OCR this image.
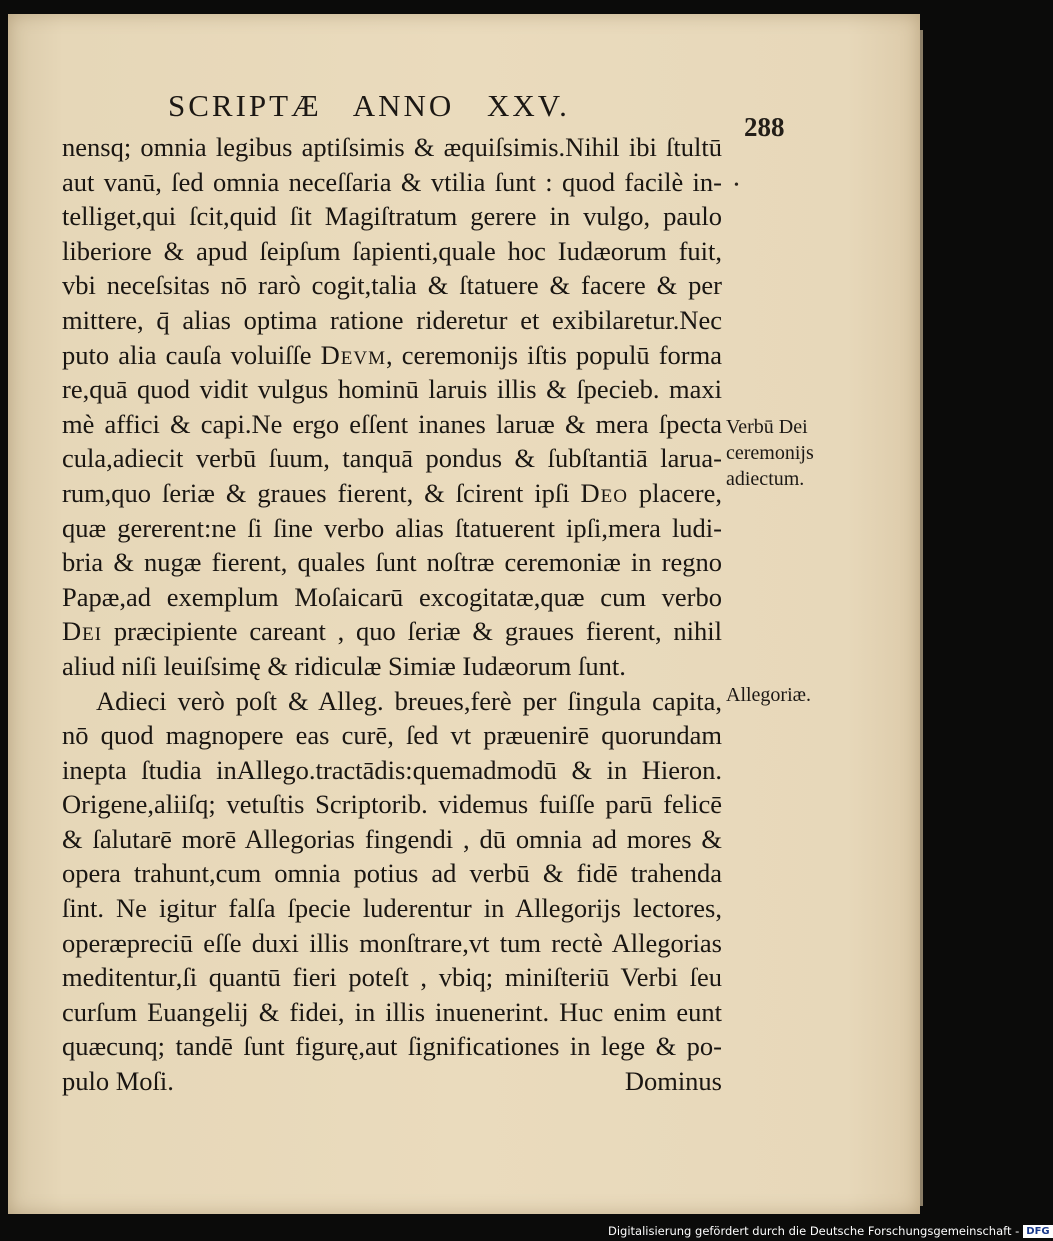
SCRIPTÆ ANNO XXV.
288
•
nensq; omnia legibus aptiſsimis & æquiſsimis.Nihil ibi ſtultū
aut vanū, ſed omnia neceſſaria & vtilia ſunt : quod facilè in-
telliget,qui ſcit,quid ſit Magiſtratum gerere in vulgo, paulo
liberiore & apud ſeipſum ſapienti,quale hoc Iudæorum fuit,
vbi neceſsitas nō rarò cogit,talia & ſtatuere & facere & per
mittere, q̄ alias optima ratione rideretur et exibilaretur.Nec
puto alia cauſa voluiſſe Devm, ceremonijs iſtis populū forma
re,quā quod vidit vulgus hominū laruis illis & ſpecieb. maxi
mè affici & capi.Ne ergo eſſent inanes laruæ & mera ſpecta
cula,adiecit verbū ſuum, tanquā pondus & ſubſtantiā larua-
rum,quo ſeriæ & graues fierent, & ſcirent ipſi Deo placere,
quæ gererent:ne ſi ſine verbo alias ſtatuerent ipſi,mera ludi-
bria & nugæ fierent, quales ſunt noſtræ ceremoniæ in regno
Papæ,ad exemplum Moſaicarū excogitatæ,quæ cum verbo
Dei præcipiente careant , quo ſeriæ & graues fierent, nihil
aliud niſi leuiſsimę & ridiculæ Simiæ Iudæorum ſunt.
Adieci verò poſt & Alleg. breues,ferè per ſingula capita,
nō quod magnopere eas curē, ſed vt præuenirē quorundam
inepta ſtudia inAllego.tractādis:quemadmodū & in Hieron.
Origene,aliiſq; vetuſtis Scriptorib. videmus fuiſſe parū felicē
& ſalutarē morē Allegorias fingendi , dū omnia ad mores &
opera trahunt,cum omnia potius ad verbū & fidē trahenda
ſint. Ne igitur falſa ſpecie luderentur in Allegorijs lectores,
operæpreciū eſſe duxi illis monſtrare,vt tum rectè Allegorias
meditentur,ſi quantū fieri poteſt , vbiq; miniſteriū Verbi ſeu
curſum Euangelij & fidei, in illis inuenerint. Huc enim eunt
quæcunq; tandē ſunt figurę,aut ſignificationes in lege & po-
pulo Moſi.	Dominus
Verbū Dei
ceremonijs
adiectum.
Allegoriæ.
Digitalisierung gefördert durch die Deutsche Forschungsgemeinschaft - DFG
